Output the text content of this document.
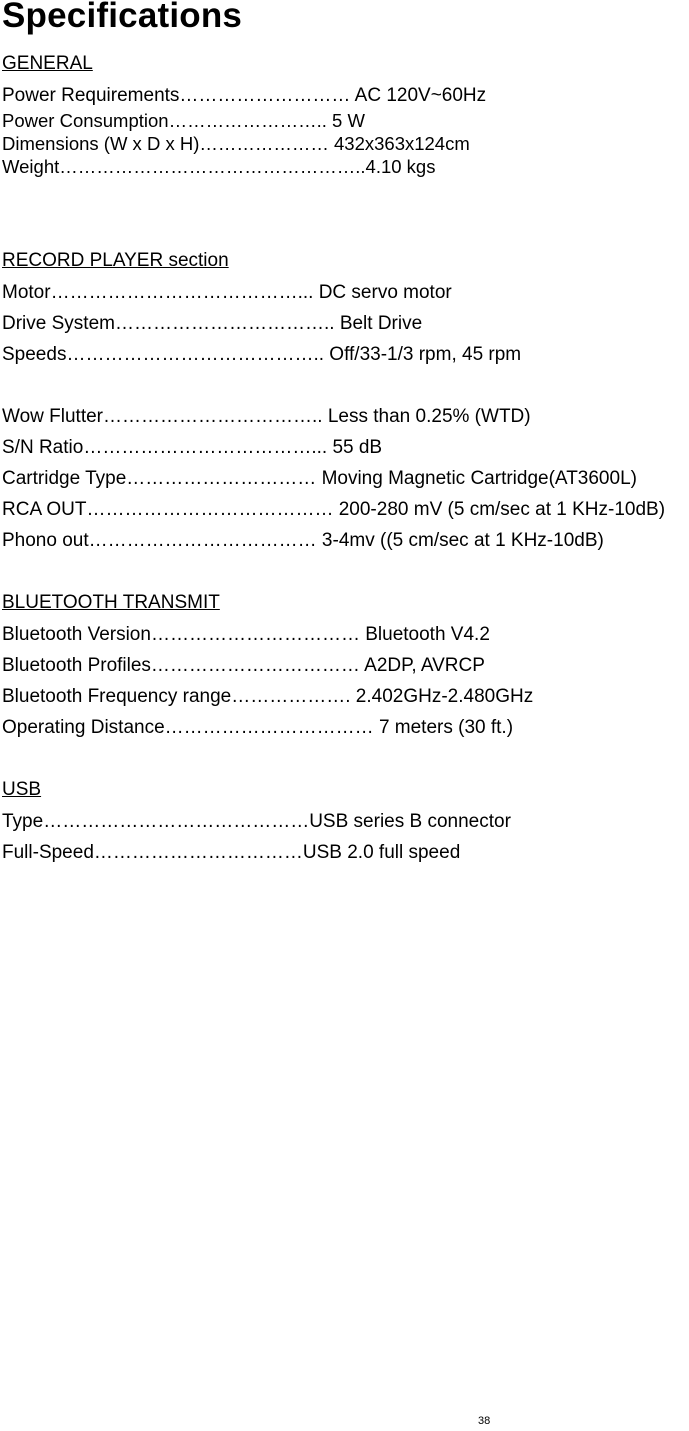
Specifications
GENERAL
Power Requirements……………………… AC 120V~60Hz
Power Consumption…………………….. 5 W
Dimensions (W x D x H)………………… 432x363x124cm
Weight…………………………………………..4.10 kgs
RECORD PLAYER section
Motor…………………………………... DC servo motor
Drive System…………………………….. Belt Drive
Speeds………………………………….. Off/33-1/3 rpm, 45 rpm
Wow Flutter…………………………….. Less than 0.25% (WTD)
S/N Ratio………………………………... 55 dB
Cartridge Type………………………… Moving Magnetic Cartridge(AT3600L)
RCA OUT………………………………… 200-280 mV (5 cm/sec at 1 KHz-10dB)
Phono out……………………………… 3-4mv ((5 cm/sec at 1 KHz-10dB)
BLUETOOTH TRANSMIT
Bluetooth Version…………………………… Bluetooth V4.2
Bluetooth Profiles…………………………… A2DP, AVRCP
Bluetooth Frequency range………………. 2.402GHz-2.480GHz
Operating Distance…………………………… 7 meters (30 ft.)
USB
Type……………………………………USB series B connector
Full-Speed……………………………USB 2.0 full speed
38
